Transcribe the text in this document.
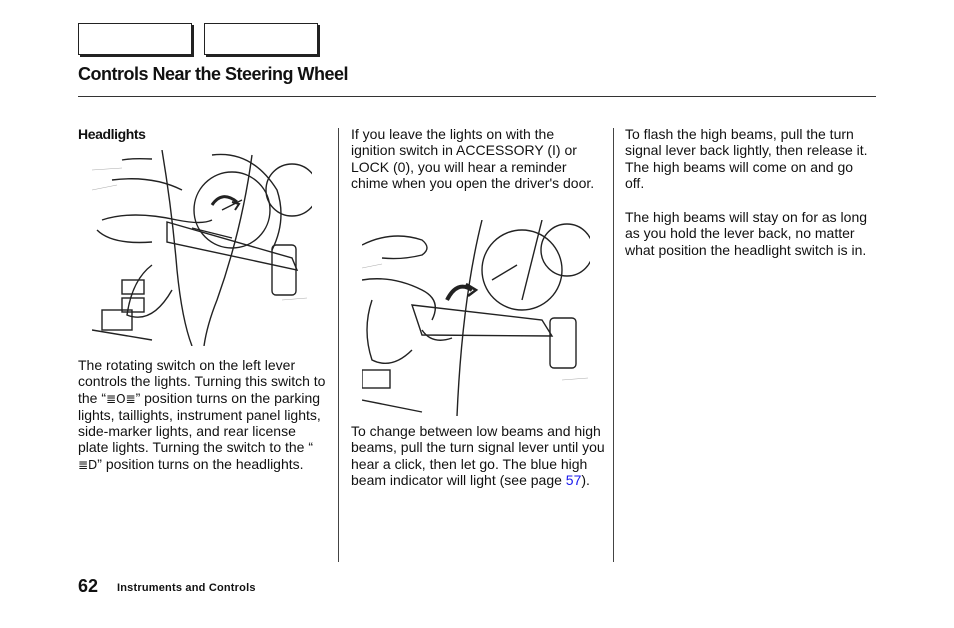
Controls Near the Steering Wheel
Headlights

The rotating switch on the left lever controls the lights. Turning this switch to the “≣O≣” position turns on the parking lights, taillights, instrument panel lights, side-marker lights, and rear license plate lights. Turning the switch to the “≣D” position turns on the headlights.

If you leave the lights on with the ignition switch in ACCESSORY (I) or LOCK (0), you will hear a reminder chime when you open the driver's door.
To change between low beams and high beams, pull the turn signal lever until you hear a click, then let go. The blue high beam indicator will light (see page 57).
To flash the high beams, pull the turn signal lever back lightly, then release it. The high beams will come on and go off.
The high beams will stay on for as long as you hold the lever back, no matter what position the headlight switch is in.
62 Instruments and Controls
